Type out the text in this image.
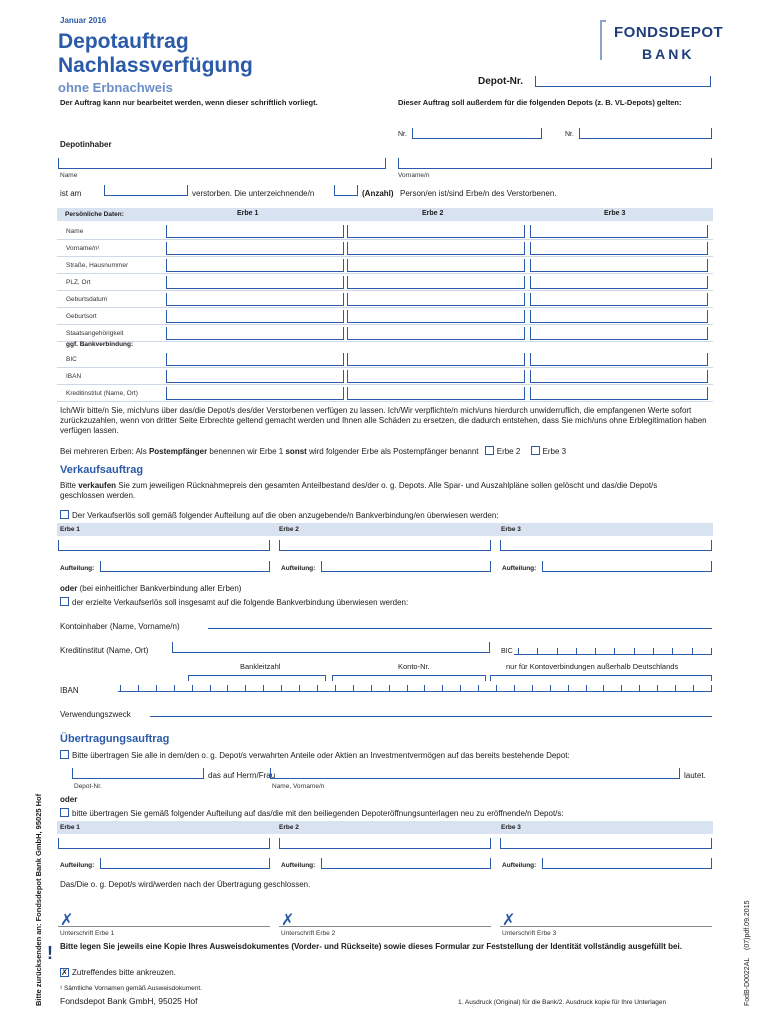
Januar 2016
Depotauftrag
Nachlassverfügung
ohne Erbnachweis
Der Auftrag kann nur bearbeitet werden, wenn dieser schriftlich vorliegt.
FONDSDEPOT
BANK
Depot-Nr.
Dieser Auftrag soll außerdem für die folgenden Depots (z. B. VL-Depots) gelten:
Nr.	Nr.
Depotinhaber
Name	Vorname/n
ist am	verstorben. Die unterzeichnende/n	(Anzahl) Person/en ist/sind Erbe/n des Verstorbenen.
Persönliche Daten:	Erbe 1	Erbe 2	Erbe 3
Name
Vorname/n¹
Straße, Hausnummer
PLZ, Ort
Geburtsdatum
Geburtsort
Staatsangehörigkeit
ggf. Bankverbindung:
BIC
IBAN
Kreditinstitut (Name, Ort)
Ich/Wir bitte/n Sie, mich/uns über das/die Depot/s des/der Verstorbenen verfügen zu lassen. Ich/Wir verpflichte/n mich/uns hierdurch unwiderruflich, die empfangenen Werte sofort zurückzuzahlen, wenn von dritter Seite Erbrechte geltend gemacht werden und Ihnen alle Schäden zu ersetzen, die dadurch entstehen, dass Sie mich/uns ohne Erblegitimation haben verfügen lassen.
Bei mehreren Erben: Als Postempfänger benennen wir Erbe 1 sonst wird folgender Erbe als Postempfänger benannt Erbe 2	Erbe 3
Verkaufsauftrag
Bitte verkaufen Sie zum jeweiligen Rücknahmepreis den gesamten Anteilbestand des/der o. g. Depots. Alle Spar- und Auszahlpläne sollen gelöscht und das/die Depot/s geschlossen werden.
Der Verkaufserlös soll gemäß folgender Aufteilung auf die oben anzugebende/n Bankverbindung/en überwiesen werden:
Erbe 1	Erbe 2	Erbe 3
Aufteilung:	Aufteilung:	Aufteilung:
oder (bei einheitlicher Bankverbindung aller Erben)
der erzielte Verkaufserlös soll insgesamt auf die folgende Bankverbindung überwiesen werden:
Kontoinhaber (Name, Vorname/n)
Kreditinstitut (Name, Ort)	BIC
Bankleitzahl	Konto-Nr.	nur für Kontoverbindungen außerhalb Deutschlands
IBAN
Verwendungszweck
Übertragungsauftrag
Bitte übertragen Sie alle in dem/den o. g. Depot/s verwahrten Anteile oder Aktien an Investmentvermögen auf das bereits bestehende Depot:
das auf Herrn/Frau	lautet.
Depot-Nr.	Name, Vorname/n
oder
bitte übertragen Sie gemäß folgender Aufteilung auf das/die mit den beiliegenden Depoteröffnungsunterlagen neu zu eröffnende/n Depot/s:
Erbe 1	Erbe 2	Erbe 3
Aufteilung:	Aufteilung:	Aufteilung:
Das/Die o. g. Depot/s wird/werden nach der Übertragung geschlossen.
✗
Unterschrift Erbe 1
✗
Unterschrift Erbe 2
✗
Unterschrift Erbe 3
! Bitte legen Sie jeweils eine Kopie Ihres Ausweisdokumentes (Vorder- und Rückseite) sowie dieses Formular zur Feststellung der Identität vollständig ausgefüllt bei.
✗ Zutreffendes bitte ankreuzen.
¹ Sämtliche Vornamen gemäß Ausweisdokument.
Fondsdepot Bank GmbH, 95025 Hof	1. Ausdruck (Original) für die Bank/2. Ausdruck kopie für Ihre Unterlagen
Bitte zurücksenden an: Fondsdepot Bank GmbH, 95025 Hof	FodB-D0022AL    (07)pdf.09.2015
